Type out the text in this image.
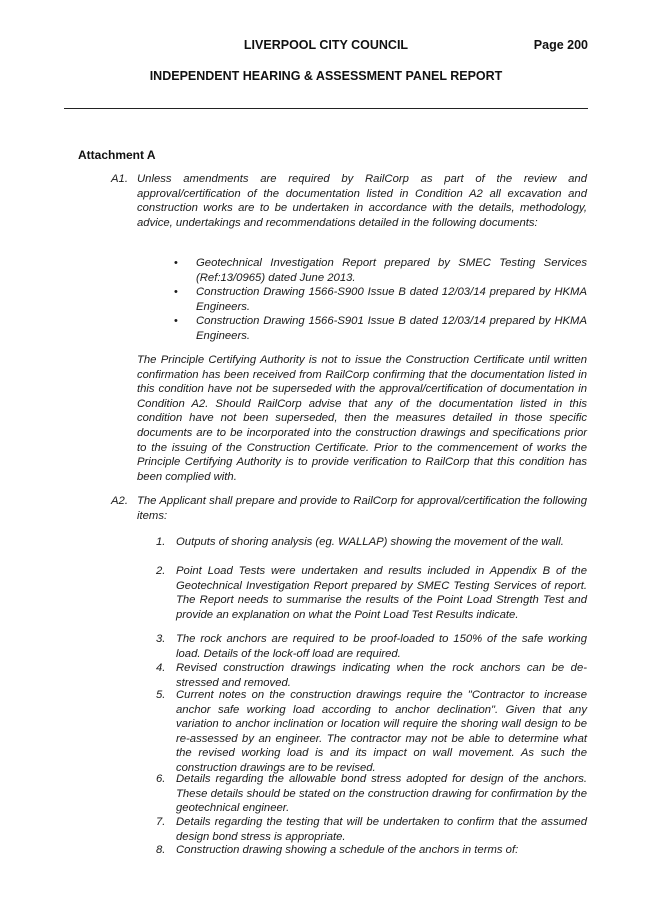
LIVERPOOL CITY COUNCIL	Page 200
INDEPENDENT HEARING & ASSESSMENT PANEL REPORT
Attachment A
A1. Unless amendments are required by RailCorp as part of the review and approval/certification of the documentation listed in Condition A2 all excavation and construction works are to be undertaken in accordance with the details, methodology, advice, undertakings and recommendations detailed in the following documents:
• Geotechnical Investigation Report prepared by SMEC Testing Services (Ref:13/0965) dated June 2013.
• Construction Drawing 1566-S900 Issue B dated 12/03/14 prepared by HKMA Engineers.
• Construction Drawing 1566-S901 Issue B dated 12/03/14 prepared by HKMA Engineers.
The Principle Certifying Authority is not to issue the Construction Certificate until written confirmation has been received from RailCorp confirming that the documentation listed in this condition have not be superseded with the approval/certification of documentation in Condition A2. Should RailCorp advise that any of the documentation listed in this condition have not been superseded, then the measures detailed in those specific documents are to be incorporated into the construction drawings and specifications prior to the issuing of the Construction Certificate. Prior to the commencement of works the Principle Certifying Authority is to provide verification to RailCorp that this condition has been complied with.
A2. The Applicant shall prepare and provide to RailCorp for approval/certification the following items:
1. Outputs of shoring analysis (eg. WALLAP) showing the movement of the wall.
2. Point Load Tests were undertaken and results included in Appendix B of the Geotechnical Investigation Report prepared by SMEC Testing Services of report. The Report needs to summarise the results of the Point Load Strength Test and provide an explanation on what the Point Load Test Results indicate.
3. The rock anchors are required to be proof-loaded to 150% of the safe working load. Details of the lock-off load are required.
4. Revised construction drawings indicating when the rock anchors can be de-stressed and removed.
5. Current notes on the construction drawings require the "Contractor to increase anchor safe working load according to anchor declination". Given that any variation to anchor inclination or location will require the shoring wall design to be re-assessed by an engineer. The contractor may not be able to determine what the revised working load is and its impact on wall movement. As such the construction drawings are to be revised.
6. Details regarding the allowable bond stress adopted for design of the anchors. These details should be stated on the construction drawing for confirmation by the geotechnical engineer.
7. Details regarding the testing that will be undertaken to confirm that the assumed design bond stress is appropriate.
8. Construction drawing showing a schedule of the anchors in terms of:
